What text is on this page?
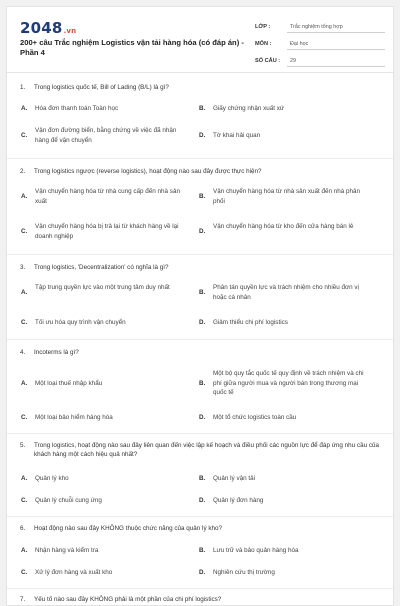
2048.vn
200+ câu Trắc nghiệm Logistics vận tải hàng hóa (có đáp án) - Phần 4
LỚP :	Trắc nghiệm tổng hợp
MÔN :	Đại học
SỐ CÂU :	29
1.	Trong logistics quốc tế, Bill of Lading (B/L) là gì?
A.	Hóa đơn thanh toán Toàn học	B.	Giấy chứng nhận xuất xứ
C.
Vận đơn đường biển, bằng chứng về việc đã nhận hàng để vận chuyển
D.	Tờ khai hải quan
2.	Trong logistics ngược (reverse logistics), hoạt động nào sau đây được thực hiện?
A.
Vận chuyển hàng hóa từ nhà cung cấp đến nhà sản xuất
B.
Vận chuyển hàng hóa từ nhà sản xuất đến nhà phân phối
C.
Vận chuyển hàng hóa bị trả lại từ khách hàng về lại doanh nghiệp
D.
Vận chuyển hàng hóa từ kho đến cửa hàng bán lẻ
3.	Trong logistics, 'Decentralization' có nghĩa là gì?
A.
Tập trung quyền lực vào một trung tâm duy nhất
B.
Phân tán quyền lực và trách nhiệm cho nhiều đơn vị hoặc cá nhân
C.	Tối ưu hóa quy trình vận chuyển	D.	Giảm thiểu chi phí logistics
4.	Incoterms là gì?
A.	Một loại thuế nhập khẩu	B.
Một bộ quy tắc quốc tế quy định về trách nhiệm và chi phí giữa người mua và người bán trong thương mại quốc tế
C.	Một loại bảo hiểm hàng hóa	D.	Một tổ chức logistics toàn cầu
5.	Trong logistics, hoạt động nào sau đây liên quan đến việc lập kế hoạch và điều phối các nguồn lực để đáp ứng nhu cầu của khách hàng một cách hiệu quả nhất?
A.	Quản lý kho	B.	Quản lý vận tải
C.	Quản lý chuỗi cung ứng	D.	Quản lý đơn hàng
6.	Hoạt động nào sau đây KHÔNG thuộc chức năng của quản lý kho?
A.	Nhận hàng và kiểm tra	B.	Lưu trữ và bảo quản hàng hóa
C.	Xử lý đơn hàng và xuất kho	D.	Nghiên cứu thị trường
7.	Yếu tố nào sau đây KHÔNG phải là một phần của chi phí logistics?
